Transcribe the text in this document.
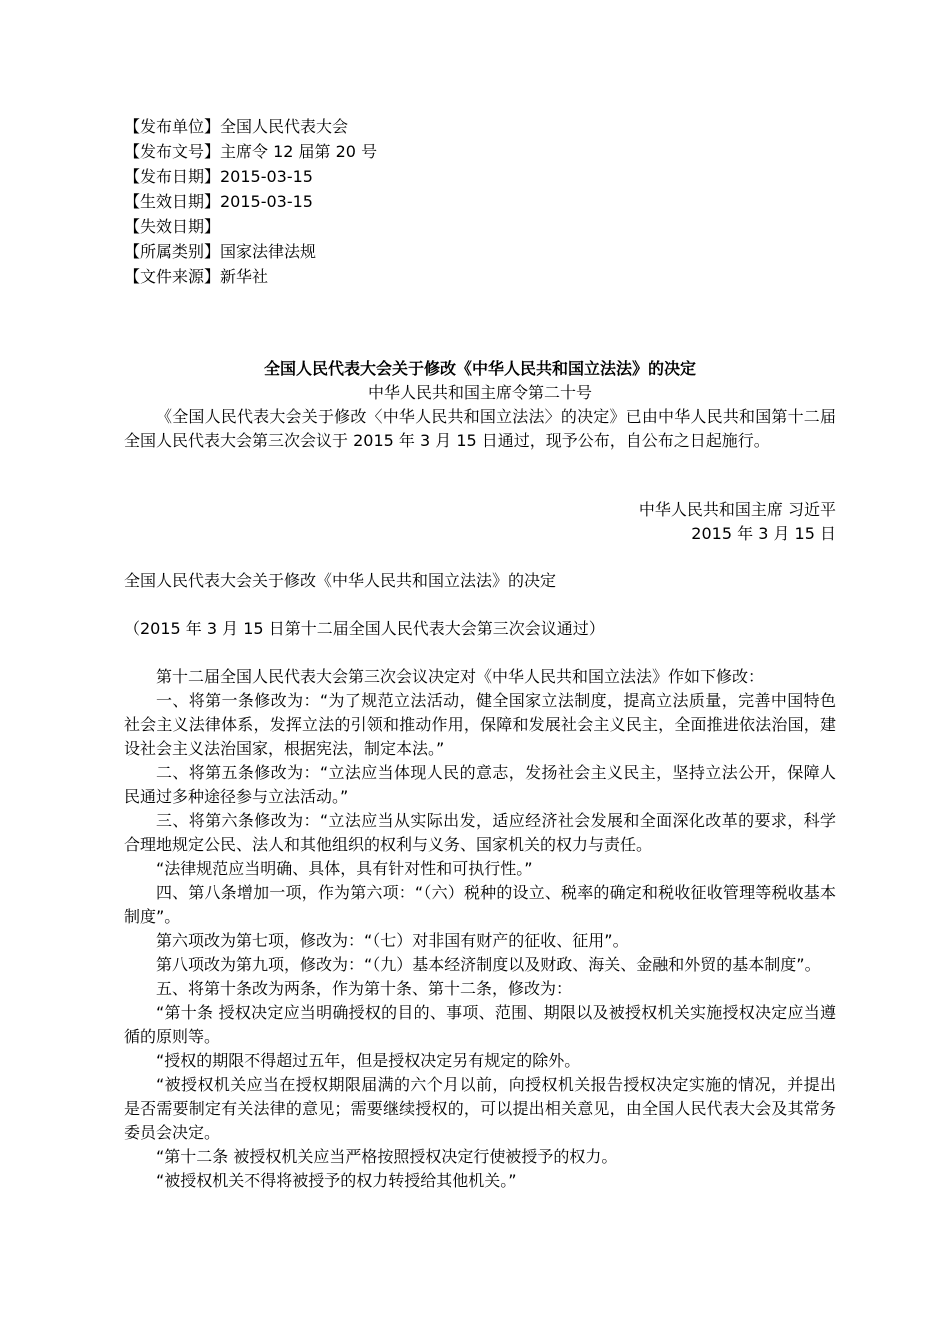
【发布单位】全国人民代表大会
【发布文号】主席令 12 届第 20 号
【发布日期】2015-03-15
【生效日期】2015-03-15
【失效日期】
【所属类别】国家法律法规
【文件来源】新华社
全国人民代表大会关于修改《中华人民共和国立法法》的决定
中华人民共和国主席令第二十号
《全国人民代表大会关于修改〈中华人民共和国立法法〉的决定》已由中华人民共和国第十二届全国人民代表大会第三次会议于 2015 年 3 月 15 日通过，现予公布，自公布之日起施行。
中华人民共和国主席 习近平
2015 年 3 月 15 日
全国人民代表大会关于修改《中华人民共和国立法法》的决定
（2015 年 3 月 15 日第十二届全国人民代表大会第三次会议通过）

第十二届全国人民代表大会第三次会议决定对《中华人民共和国立法法》作如下修改：

一、将第一条修改为：“为了规范立法活动，健全国家立法制度，提高立法质量，完善中国特色社会主义法律体系，发挥立法的引领和推动作用，保障和发展社会主义民主，全面推进依法治国，建设社会主义法治国家，根据宪法，制定本法。”

二、将第五条修改为：“立法应当体现人民的意志，发扬社会主义民主，坚持立法公开，保障人民通过多种途径参与立法活动。”

三、将第六条修改为：“立法应当从实际出发，适应经济社会发展和全面深化改革的要求，科学合理地规定公民、法人和其他组织的权利与义务、国家机关的权力与责任。

“法律规范应当明确、具体，具有针对性和可执行性。”

四、第八条增加一项，作为第六项：“（六）税种的设立、税率的确定和税收征收管理等税收基本制度”。

第六项改为第七项，修改为：“（七）对非国有财产的征收、征用”。

第八项改为第九项，修改为：“（九）基本经济制度以及财政、海关、金融和外贸的基本制度”。

五、将第十条改为两条，作为第十条、第十二条，修改为：

“第十条 授权决定应当明确授权的目的、事项、范围、期限以及被授权机关实施授权决定应当遵循的原则等。

“授权的期限不得超过五年，但是授权决定另有规定的除外。

“被授权机关应当在授权期限届满的六个月以前，向授权机关报告授权决定实施的情况，并提出是否需要制定有关法律的意见；需要继续授权的，可以提出相关意见，由全国人民代表大会及其常务委员会决定。

“第十二条 被授权机关应当严格按照授权决定行使被授予的权力。

“被授权机关不得将被授予的权力转授给其他机关。”
